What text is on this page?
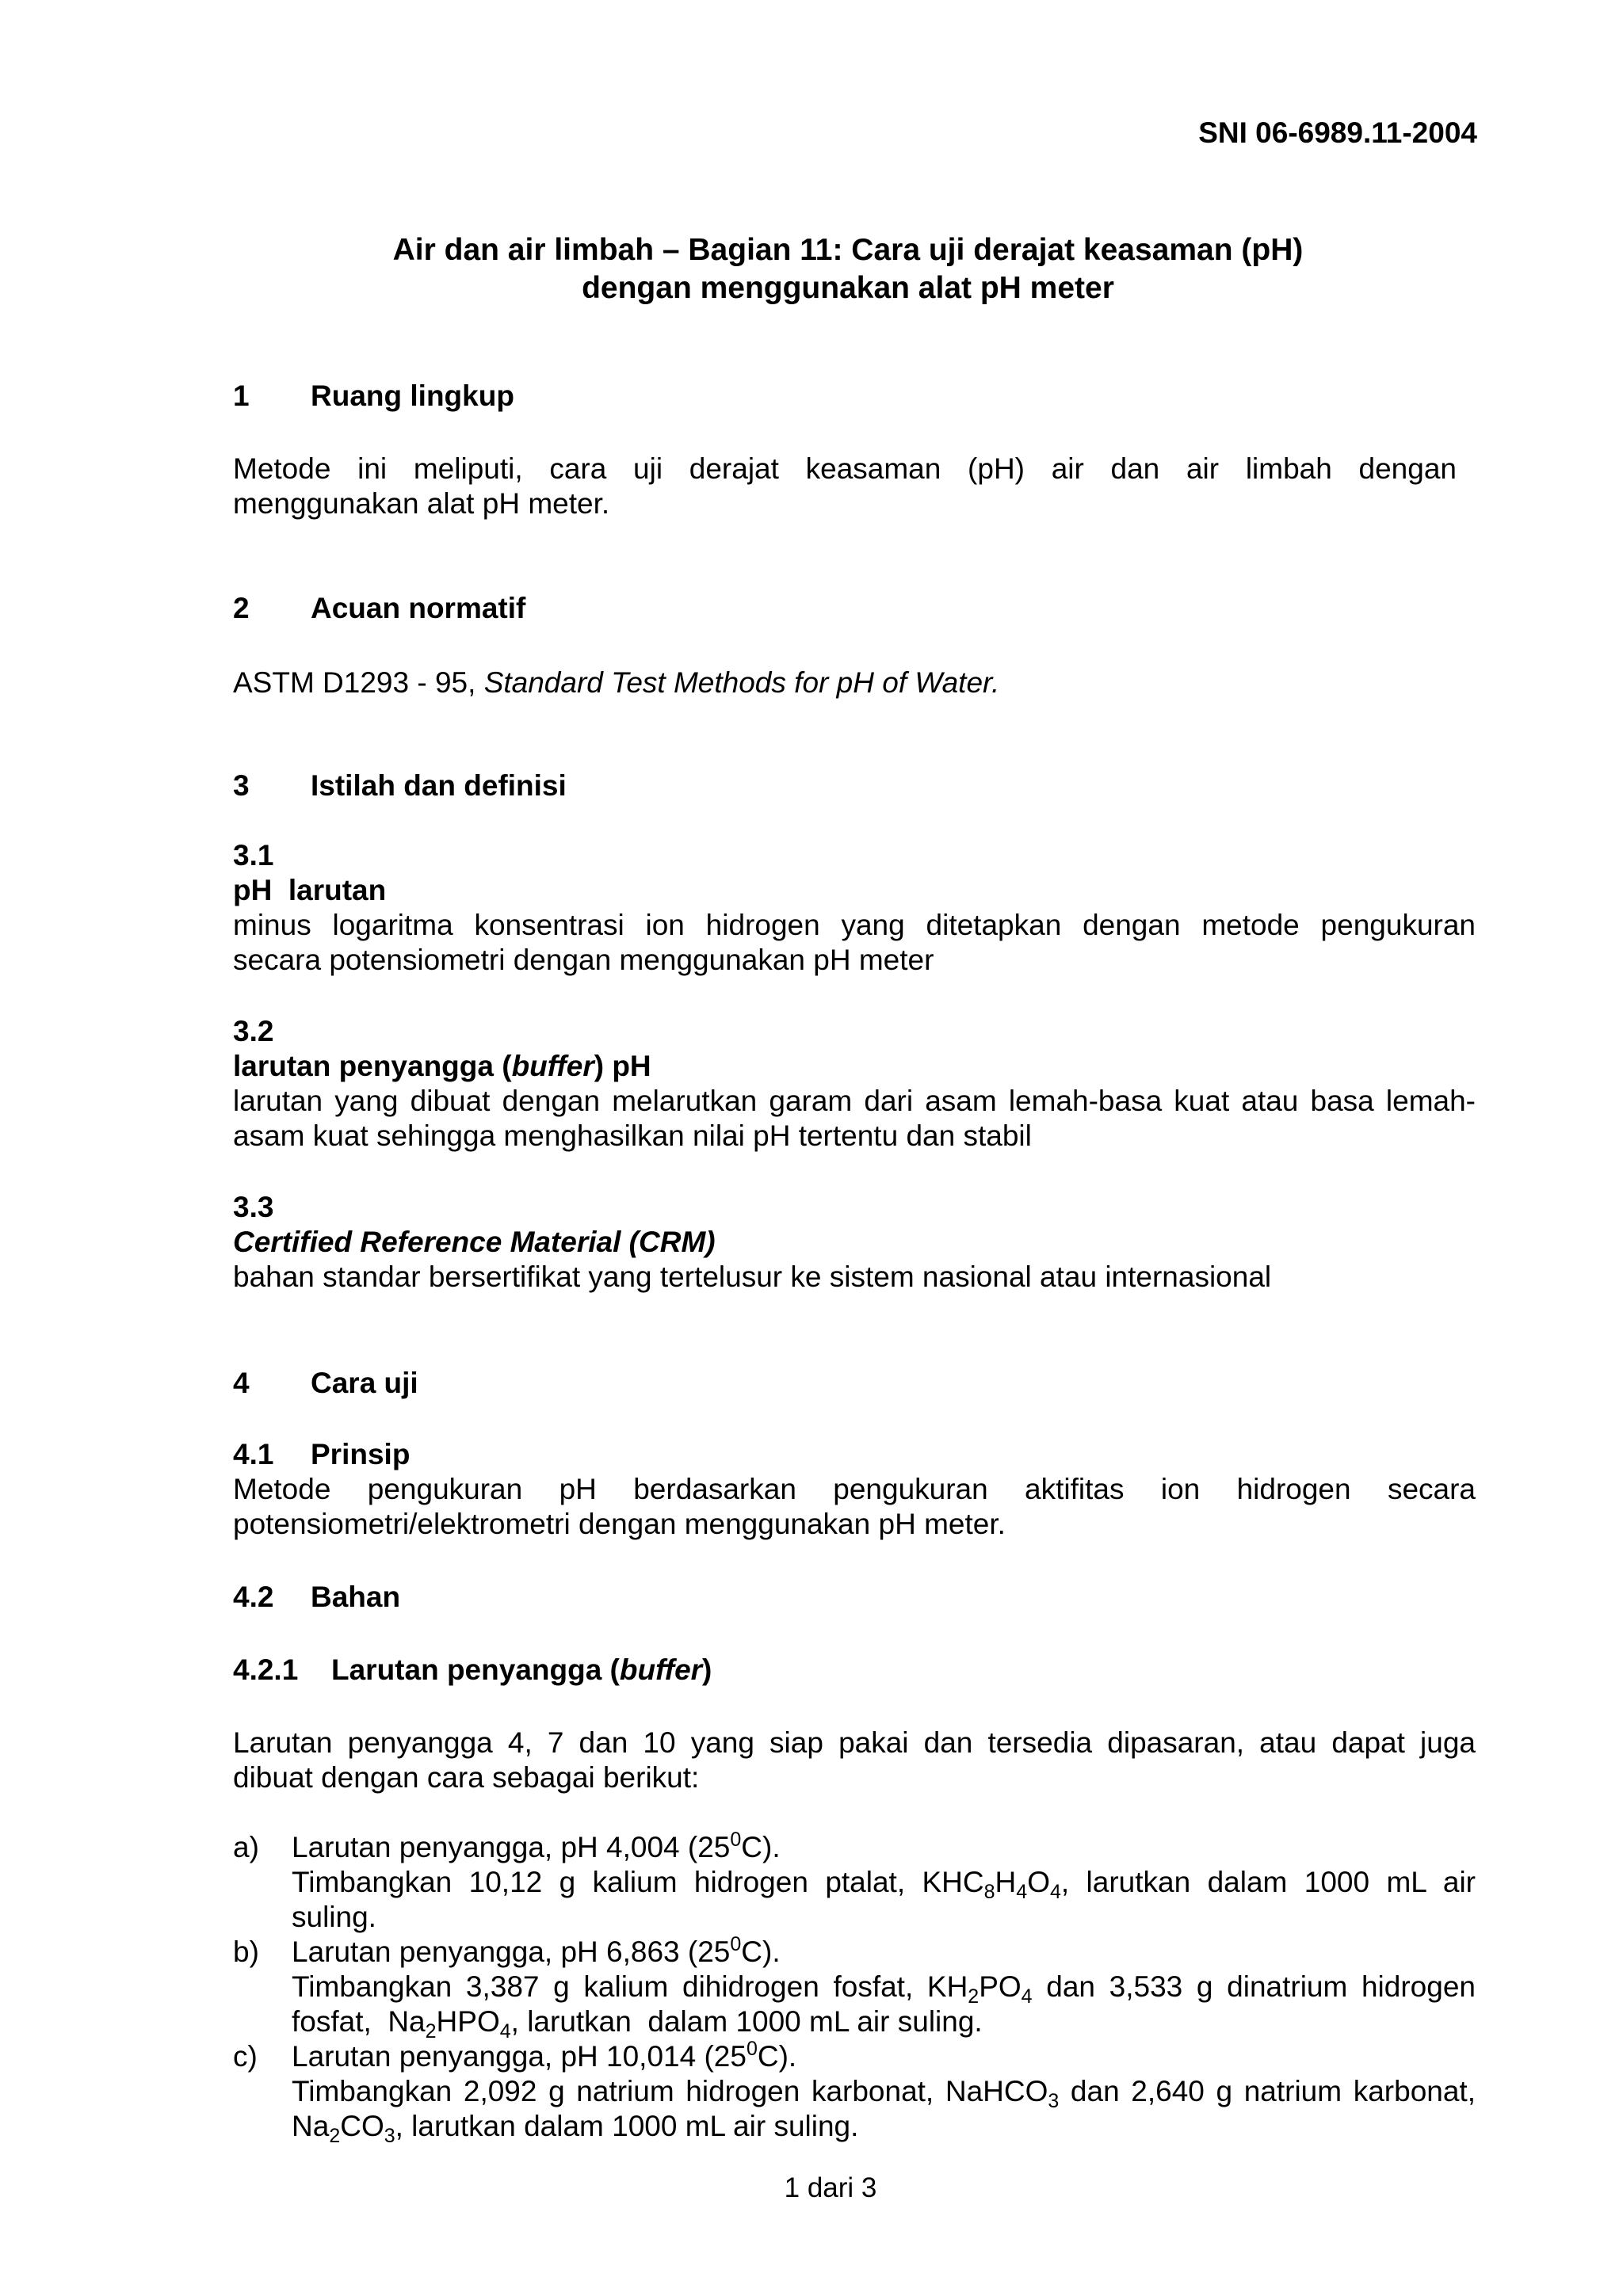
SNI 06-6989.11-2004
Air dan air limbah – Bagian 11: Cara uji derajat keasaman (pH)
dengan menggunakan alat pH meter
1 Ruang lingkup
Metode ini meliputi, cara uji derajat keasaman (pH) air dan air limbah dengan
menggunakan alat pH meter.
2 Acuan normatif
ASTM D1293 - 95, Standard Test Methods for pH of Water.
3 Istilah dan definisi
3.1
pH  larutan
minus logaritma konsentrasi ion hidrogen yang ditetapkan dengan metode pengukuran
secara potensiometri dengan menggunakan pH meter
3.2
larutan penyangga (buffer) pH
larutan yang dibuat dengan melarutkan garam dari asam lemah-basa kuat atau basa lemah-
asam kuat sehingga menghasilkan nilai pH tertentu dan stabil
3.3
Certified Reference Material (CRM)
bahan standar bersertifikat yang tertelusur ke sistem nasional atau internasional
4 Cara uji
4.1 Prinsip
Metode pengukuran pH berdasarkan pengukuran aktifitas ion hidrogen secara
potensiometri/elektrometri dengan menggunakan pH meter.
4.2 Bahan
4.2.1 Larutan penyangga (buffer)
Larutan penyangga 4, 7 dan 10 yang siap pakai dan tersedia dipasaran, atau dapat juga
dibuat dengan cara sebagai berikut:
a) Larutan penyangga, pH 4,004 $(25^0C)$.
Timbangkan 10,12 g kalium hidrogen ptalat, $KHC_8H_4O_4$, larutkan dalam 1000 mL air
suling.
b) Larutan penyangga, pH 6,863 $(25^0C)$.
Timbangkan 3,387 g kalium dihidrogen fosfat, $KH_2PO_4$ dan 3,533 g dinatrium hidrogen
fosfat,  $Na_2HPO_4$, larutkan  dalam 1000 mL air suling.
c) Larutan penyangga, pH 10,014 $(25^0C)$.
Timbangkan 2,092 g natrium hidrogen karbonat, NaHCO$_3$ dan 2,640 g natrium karbonat,
$Na_2CO_3$, larutkan dalam 1000 mL air suling.
1 dari 3
